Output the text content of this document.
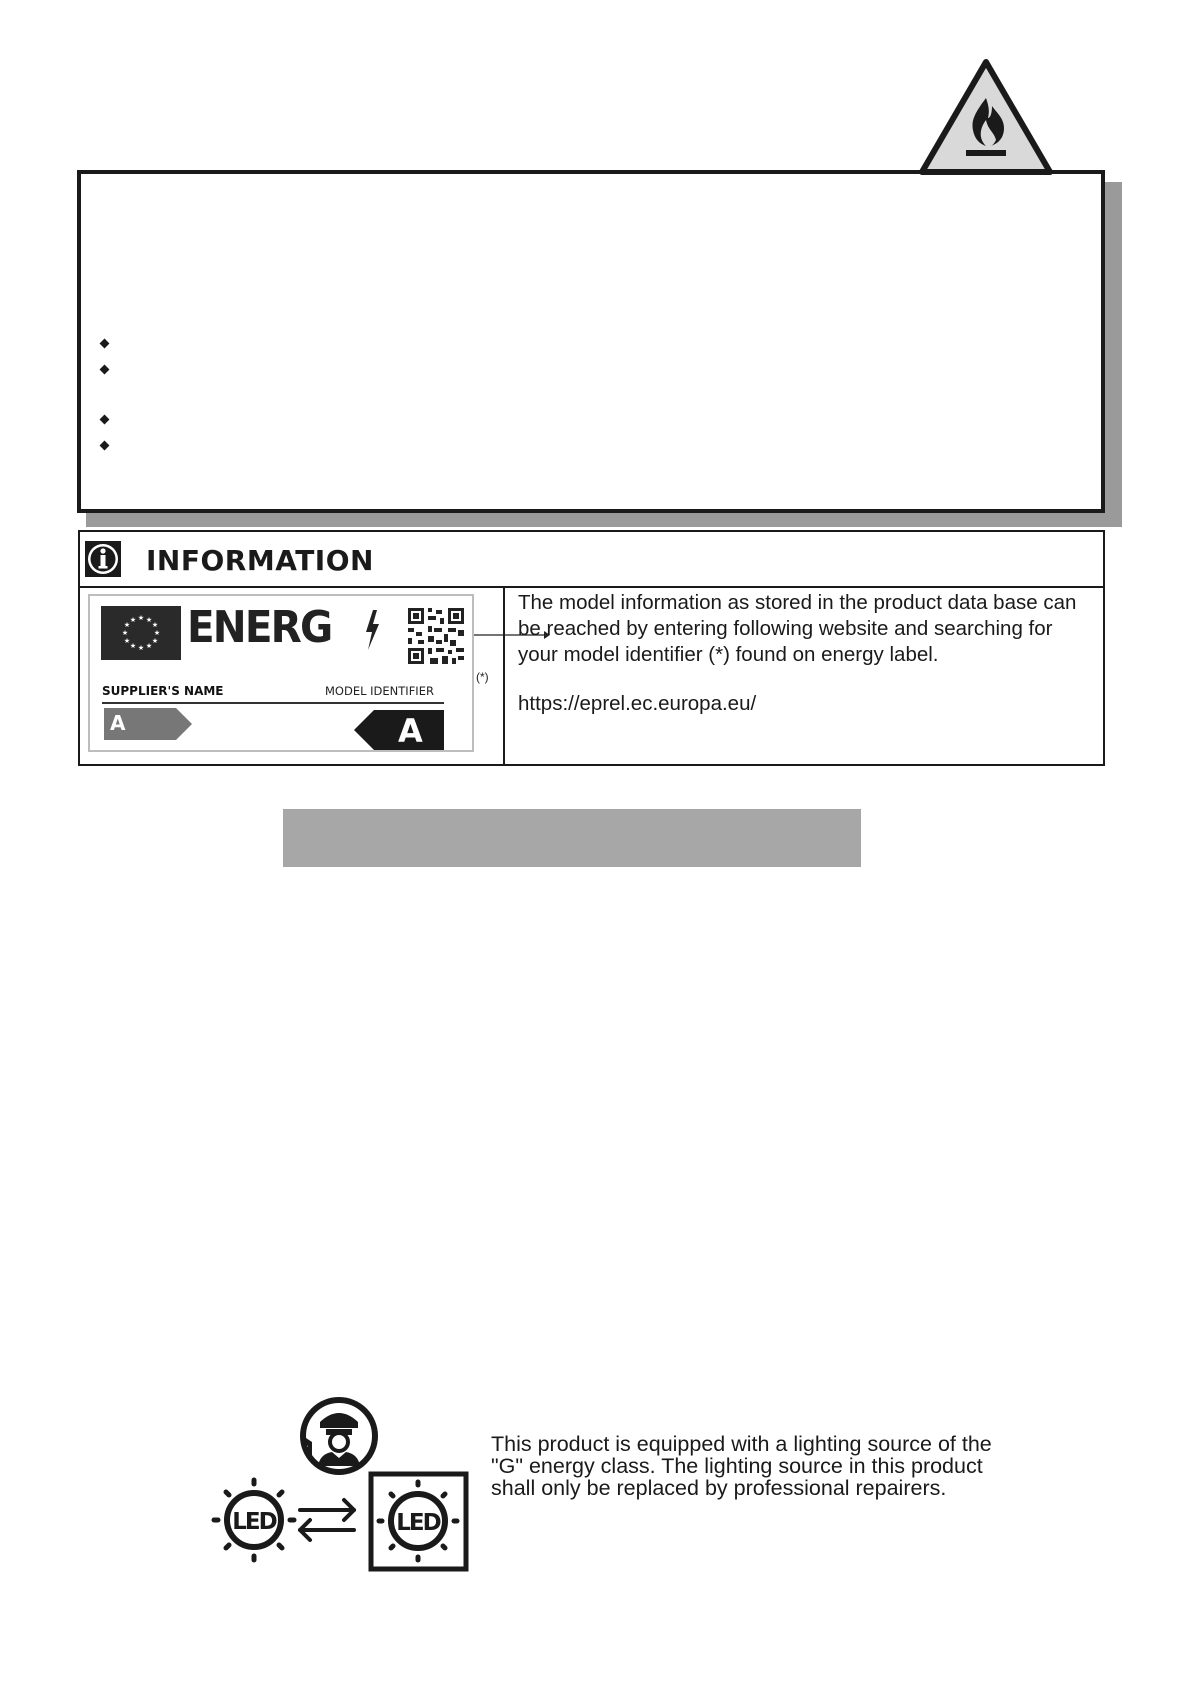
INFORMATION
★ ★
★
★
★
★
★
★
★
★
★
★ ENERG
SUPPLIER'S NAME	MODEL IDENTIFIER
A	A
The model information as stored in the product data base can be reached by entering following website and searching for your model identifier (*) found on energy label.
https://eprel.ec.europa.eu/
(*)
LED	LED
This product is equipped with a lighting source of the "G" energy class. The lighting source in this product shall only be replaced by professional repairers.
